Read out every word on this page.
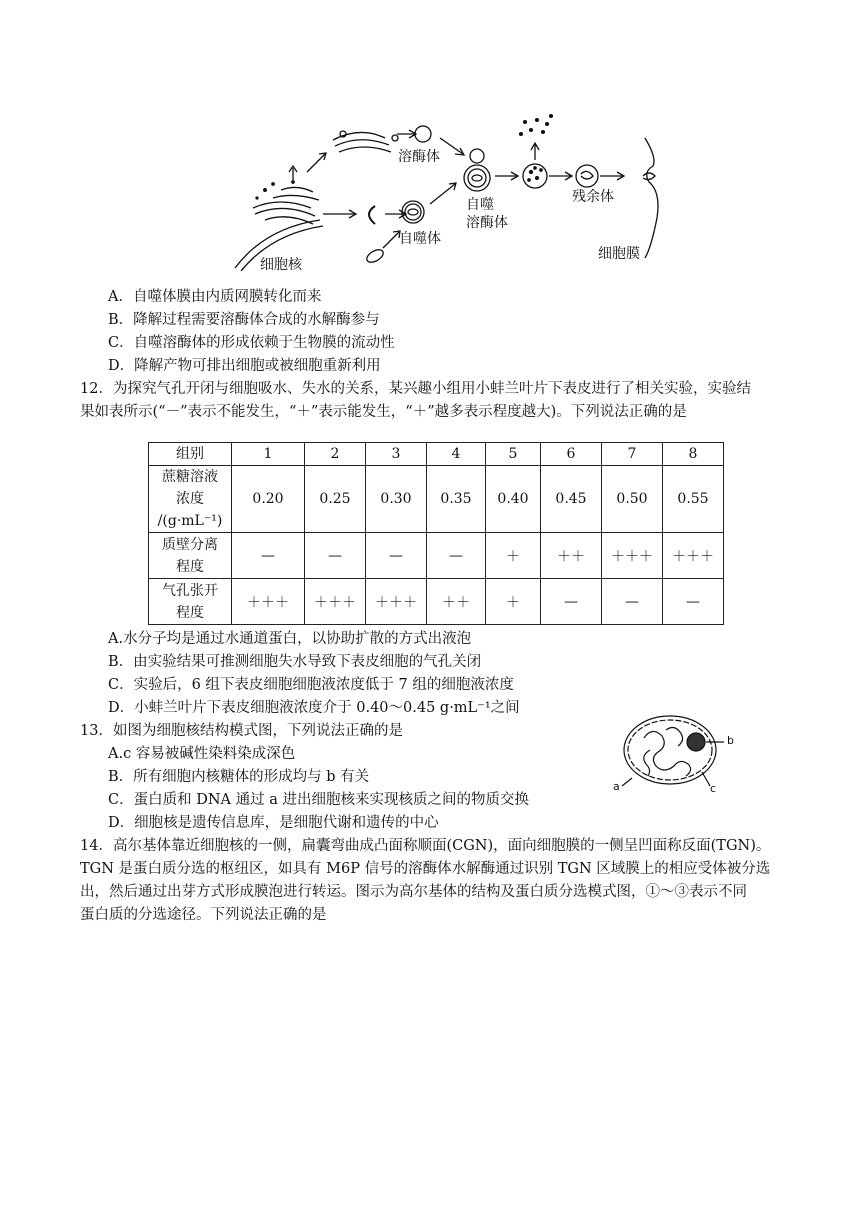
溶酶体
自噬
溶酶体
残余体
自噬体
细胞核
细胞膜
A．自噬体膜由内质网膜转化而来
B．降解过程需要溶酶体合成的水解酶参与
C．自噬溶酶体的形成依赖于生物膜的流动性
D．降解产物可排出细胞或被细胞重新利用
12．为探究气孔开闭与细胞吸水、失水的关系，某兴趣小组用小蚌兰叶片下表皮进行了相关实验，实验结
果如表所示(“－”表示不能发生，“＋”表示能发生，“＋”越多表示程度越大)。下列说法正确的是
组别	1	2	3	4	5	6	7	8

蔗糖溶液
浓度
/(g·mL⁻¹)	0.20	0.25	0.30	0.35	0.40	0.45	0.50	0.55

质壁分离
程度	—	—	—	—	＋	＋＋	＋＋＋	＋＋＋

气孔张开
程度	＋＋＋	＋＋＋	＋＋＋	＋＋	＋	—	—	—
A.水分子均是通过水通道蛋白，以协助扩散的方式出液泡
B．由实验结果可推测细胞失水导致下表皮细胞的气孔关闭
C．实验后，6 组下表皮细胞细胞液浓度低于 7 组的细胞液浓度
D．小蚌兰叶片下表皮细胞液浓度介于 0.40～0.45 g·mL⁻¹之间
13．如图为细胞核结构模式图，下列说法正确的是
A.c 容易被碱性染料染成深色
B．所有细胞内核糖体的形成均与 b 有关
C．蛋白质和 DNA 通过 a 进出细胞核来实现核质之间的物质交换
D．细胞核是遗传信息库，是细胞代谢和遗传的中心
b
a	c
14．高尔基体靠近细胞核的一侧，扁囊弯曲成凸面称顺面(CGN)，面向细胞膜的一侧呈凹面称反面(TGN)。
TGN 是蛋白质分选的枢纽区，如具有 M6P 信号的溶酶体水解酶通过识别 TGN 区域膜上的相应受体被分选
出，然后通过出芽方式形成膜泡进行转运。图示为高尔基体的结构及蛋白质分选模式图，①～③表示不同
蛋白质的分选途径。下列说法正确的是
